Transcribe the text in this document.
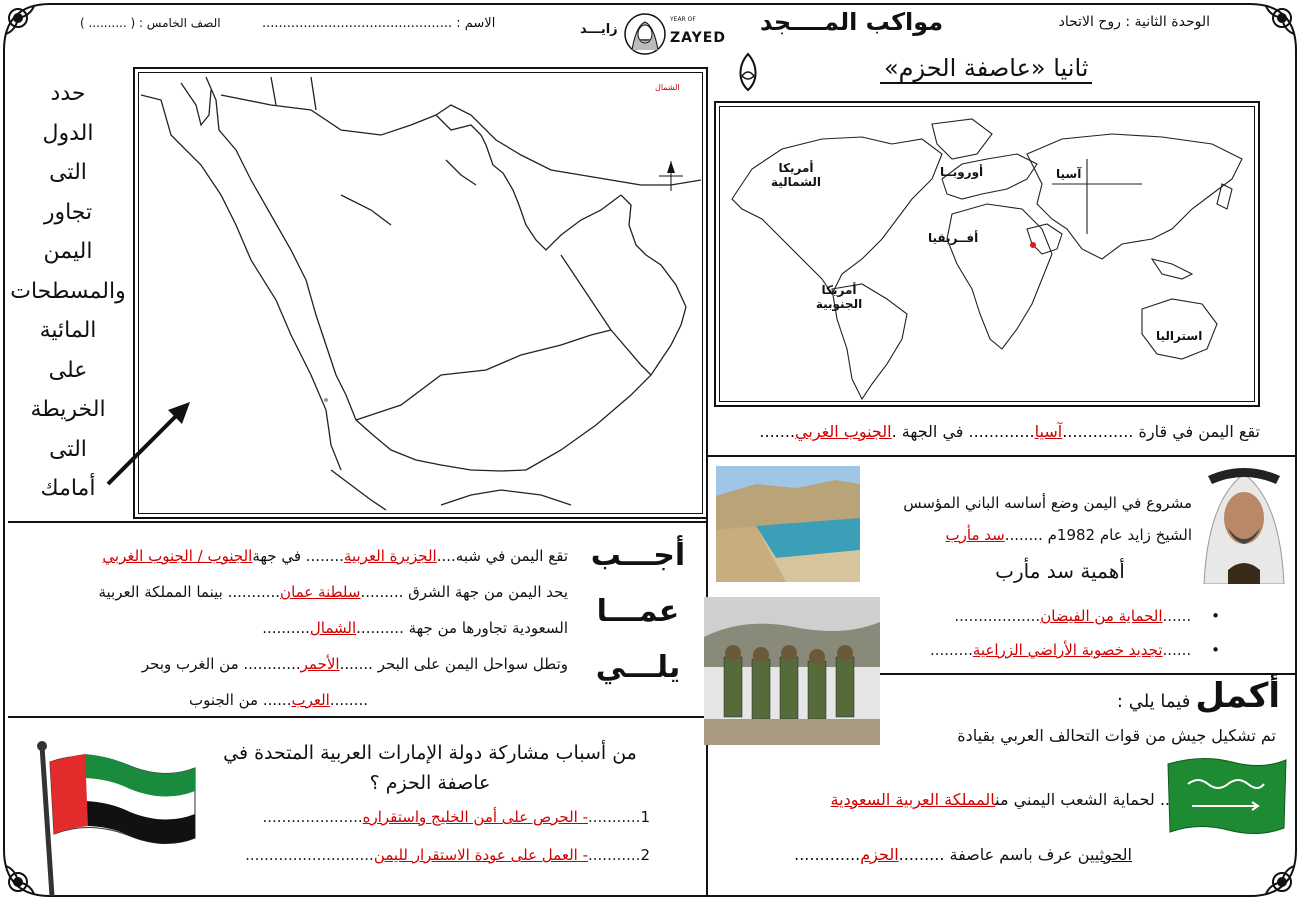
الوحدة الثانية : روح الاتحاد
مواكب المــــجد
الاسم : ..............................................
الصف الخامس : ( .......... )	زايـــد
YEAR OF
ZAYED
ثانيا «عاصفة الحزم»
حدد
الدول
التى
تجاور
اليمن
والمسطحات
المائية
على
الخريطة
التى
أمامك
الشمال
أمريكا الشمالية
أوروبــا	آسيا
أفــريقيا
أمريكا الجنوبية
استراليا
تقع اليمن في قارة ..............آسيا............. في الجهة .الجنوب الغربي.......
أجـــب
عمـــا
يلـــي
تقع اليمن في شبه....الجزيرة العربية........ في جهةالجنوب / الجنوب الغربي
يحد اليمن من جهة الشرق .........سلطنة عمان........... بينما المملكة العربية
السعودية تجاورها من جهة ..........الشمال..........
وتطل سواحل اليمن على البحر .......الأحمر............ من الغرب وبحر
........العرب...... من الجنوب
من أسباب مشاركة دولة الإمارات العربية المتحدة في عاصفة الحزم ؟
1...........- الحرص على أمن الخليج واستقراره.....................
2...........- العمل على عودة الاستقرار لليمن...........................
مشروع في اليمن وضع أساسه الباني المؤسس
الشيخ زايد عام 1982م ........سد مأرب
أهمية سد مأرب
•......الحماية من الفيضان..................
•......تجديد خصوبة الأراضي الزراعية.........
أكمل فيما يلي :
تم تشكيل جيش من قوات التحالف العربي بقيادة
.. لحماية الشعب اليمني منالمملكة العربية السعودية
الحوثيين عرف باسم عاصفة .........الحزم.............
